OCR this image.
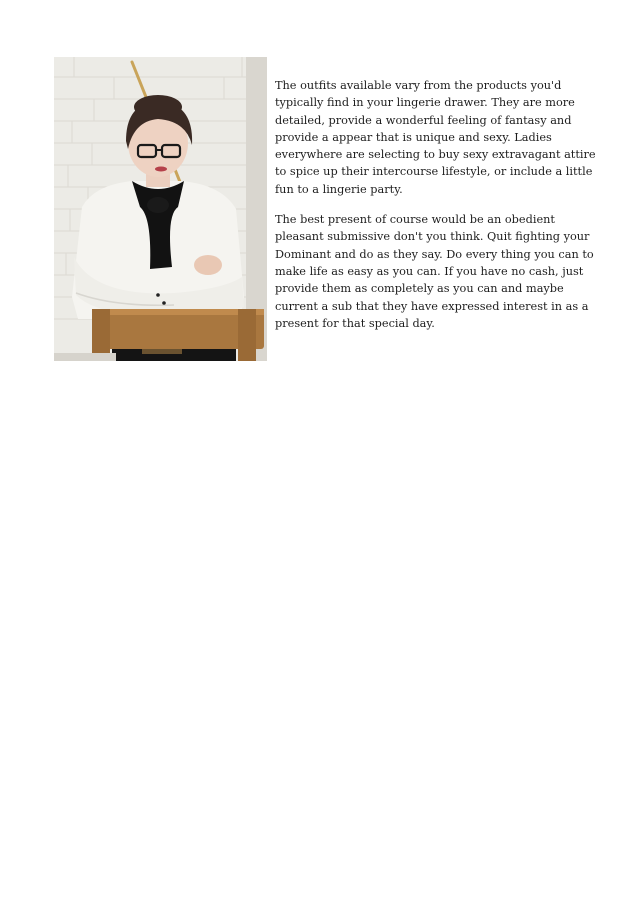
The outfits available vary from the products you'd typically find in your lingerie drawer. They are more detailed, provide a wonderful feeling of fantasy and provide a appear that is unique and sexy. Ladies everywhere are selecting to buy sexy extravagant attire to spice up their intercourse lifestyle, or include a little fun to a lingerie party.

The best present of course would be an obedient pleasant submissive don't you think. Quit fighting your Dominant and do as they say. Do every thing you can to make life as easy as you can. If you have no cash, just provide them as completely as you can and maybe current a sub that they have expressed interest in as a present for that special day.
